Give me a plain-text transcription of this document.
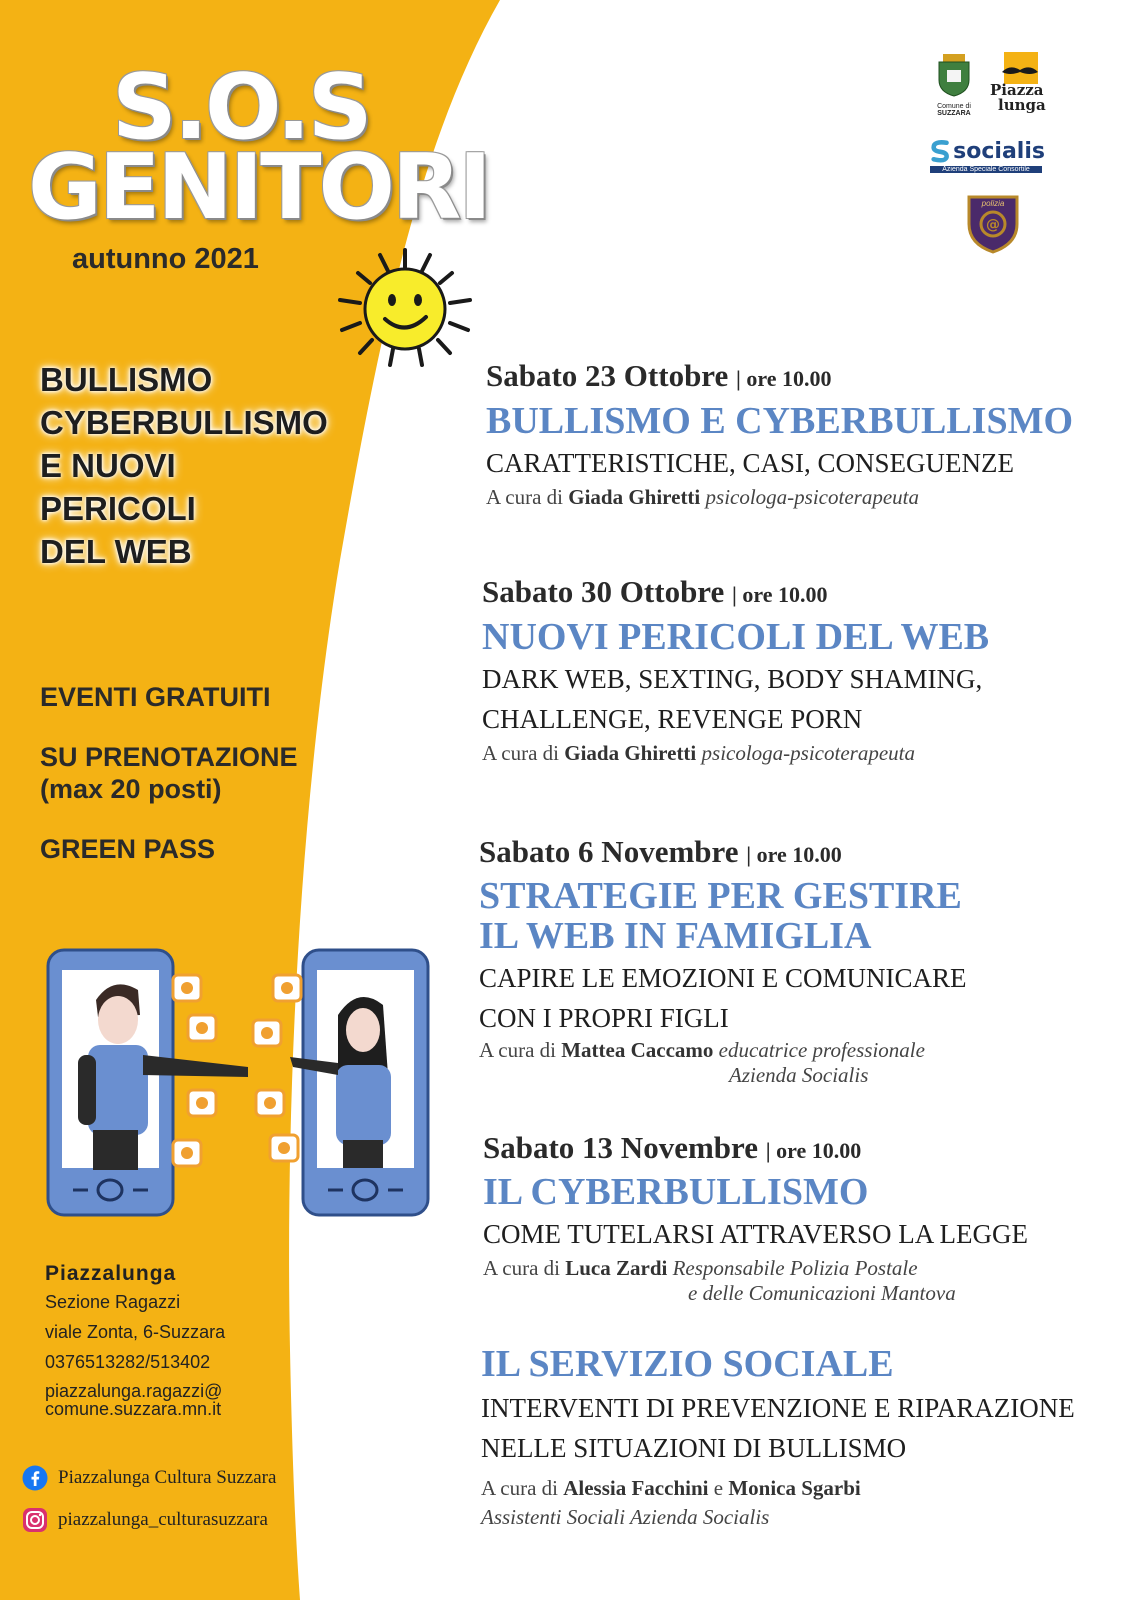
S.O.S
GENITORI
autunno 2021
BULLISMO
CYBERBULLISMO
E NUOVI
PERICOLI
DEL WEB
EVENTI GRATUITI
SU PRENOTAZIONE
(max 20 posti)
GREEN PASS
Piazzalunga
Sezione Ragazzi
viale Zonta, 6-Suzzara
0376513282/513402
piazzalunga.ragazzi@
comune.suzzara.mn.it
Piazzalunga Cultura Suzzara
piazzalunga_culturasuzzara
Comune di
SUZZARA
Piazza
lunga
socialis
Azienda Speciale Consortile
@
polizia
Sabato 23 Ottobre | ore 10.00
BULLISMO E CYBERBULLISMO
CARATTERISTICHE, CASI, CONSEGUENZE
A cura di Giada Ghiretti psicologa-psicoterapeuta
Sabato 30 Ottobre | ore 10.00
NUOVI PERICOLI DEL WEB
DARK WEB, SEXTING, BODY SHAMING,
CHALLENGE, REVENGE PORN
A cura di Giada Ghiretti psicologa-psicoterapeuta
Sabato 6 Novembre | ore 10.00
STRATEGIE PER GESTIRE
IL WEB IN FAMIGLIA
CAPIRE LE EMOZIONI E COMUNICARE
CON I PROPRI FIGLI
A cura di Mattea Caccamo educatrice professionale
Azienda Socialis
Sabato 13 Novembre | ore 10.00
IL CYBERBULLISMO
COME TUTELARSI ATTRAVERSO LA LEGGE
A cura di Luca Zardi Responsabile Polizia Postale
e delle Comunicazioni Mantova
IL SERVIZIO SOCIALE
INTERVENTI DI PREVENZIONE E RIPARAZIONE
NELLE SITUAZIONI DI BULLISMO
A cura di Alessia Facchini e Monica Sgarbi
Assistenti Sociali Azienda Socialis
